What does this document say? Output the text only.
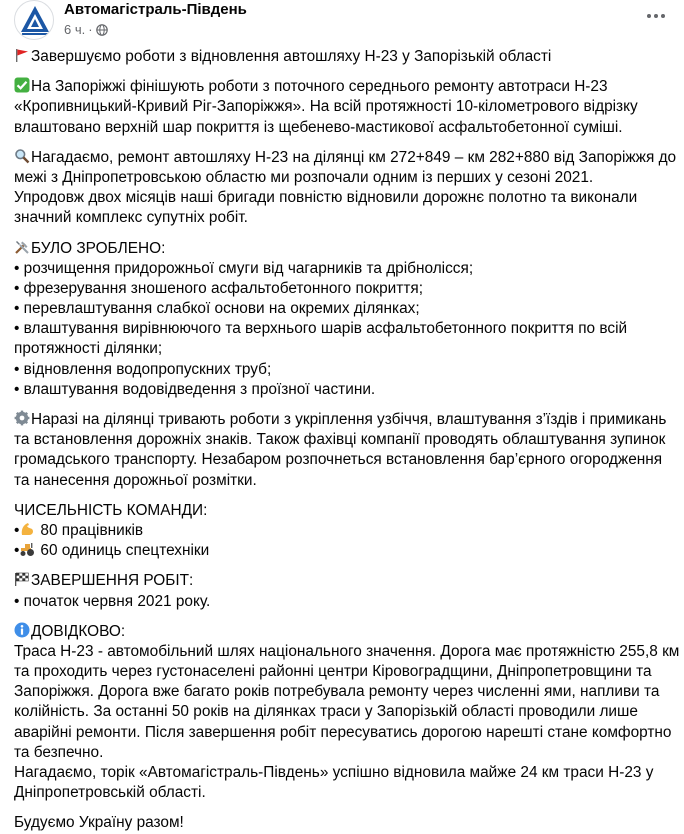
Автомагістраль-Південь
6 ч. ·
Завершуємо роботи з відновлення автошляху Н-23 у Запорізькій області
На Запоріжжі фінішують роботи з поточного середнього ремонту автотраси Н-23
«Кропивницький-Кривий Ріг-Запоріжжя». На всій протяжності 10-кілометрового відрізку
влаштовано верхній шар покриття із щебенево-мастикової асфальтобетонної суміші.
Нагадаємо, ремонт автошляху Н-23 на ділянці км 272+849 – км 282+880 від Запоріжжя до
межі з Дніпропетровською областю ми розпочали одним із перших у сезоні 2021.
Упродовж двох місяців наші бригади повністю відновили дорожнє полотно та виконали
значний комплекс супутніх робіт.
БУЛО ЗРОБЛЕНО:
• розчищення придорожньої смуги від чагарників та дрібнолісся;
• фрезерування зношеного асфальтобетонного покриття;
• перевлаштування слабкої основи на окремих ділянках;
• влаштування вирівнюючого та верхнього шарів асфальтобетонного покриття по всій
протяжності ділянки;
• відновлення водопропускних труб;
• влаштування водовідведення з проїзної частини.
Наразі на ділянці тривають роботи з укріплення узбіччя, влаштування з’їздів і примикань
та встановлення дорожніх знаків. Також фахівці компанії проводять облаштування зупинок
громадського транспорту. Незабаром розпочнеться встановлення бар’єрного огородження
та нанесення дорожньої розмітки.
ЧИСЕЛЬНІСТЬ КОМАНДИ:
• 80 працівників
• 60 одиниць спецтехніки
ЗАВЕРШЕННЯ РОБІТ:
• початок червня 2021 року.
ДОВІДКОВО:
Траса Н-23 - автомобільний шлях національного значення. Дорога має протяжністю 255,8 км
та проходить через густонаселені районні центри Кіровоградщини, Дніпропетровщини та
Запоріжжя. Дорога вже багато років потребувала ремонту через численні ями, напливи та
колійність. За останні 50 років на ділянках траси у Запорізькій області проводили лише
аварійні ремонти. Після завершення робіт пересуватись дорогою нарешті стане комфортно
та безпечно.
Нагадаємо, торік «Автомагістраль-Південь» успішно відновила майже 24 км траси Н-23 у
Дніпропетровській області.
Будуємо Україну разом!
